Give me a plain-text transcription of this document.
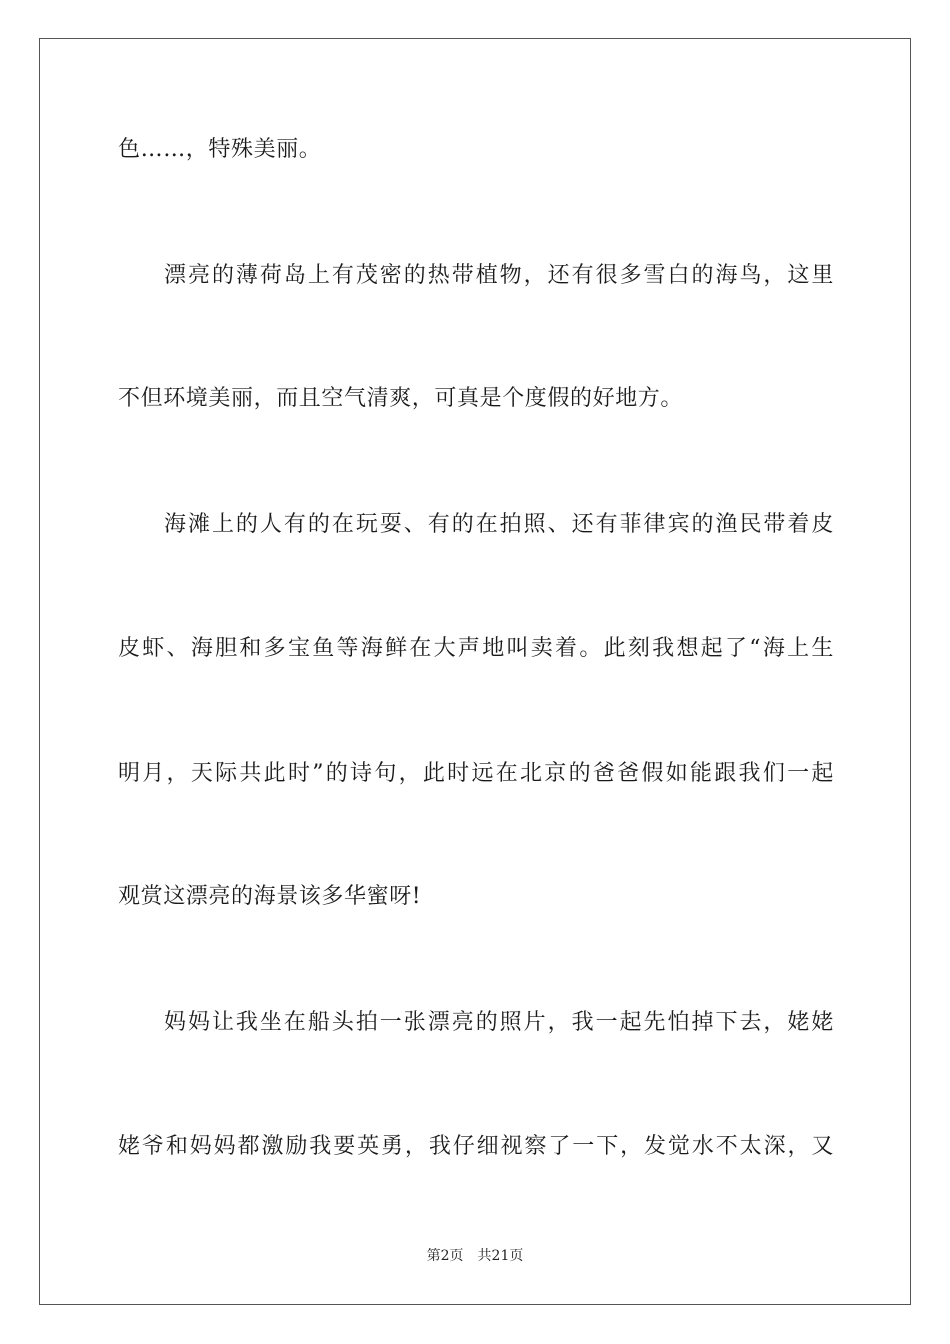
色……，特殊美丽。
漂亮的薄荷岛上有茂密的热带植物，还有很多雪白的海鸟，这里
不但环境美丽，而且空气清爽，可真是个度假的好地方。
海滩上的人有的在玩耍、有的在拍照、还有菲律宾的渔民带着皮
皮虾、海胆和多宝鱼等海鲜在大声地叫卖着。此刻我想起了“海上生
明月，天际共此时”的诗句，此时远在北京的爸爸假如能跟我们一起
观赏这漂亮的海景该多华蜜呀!
妈妈让我坐在船头拍一张漂亮的照片，我一起先怕掉下去，姥姥
姥爷和妈妈都激励我要英勇，我仔细视察了一下，发觉水不太深，又
第2页 共21页
